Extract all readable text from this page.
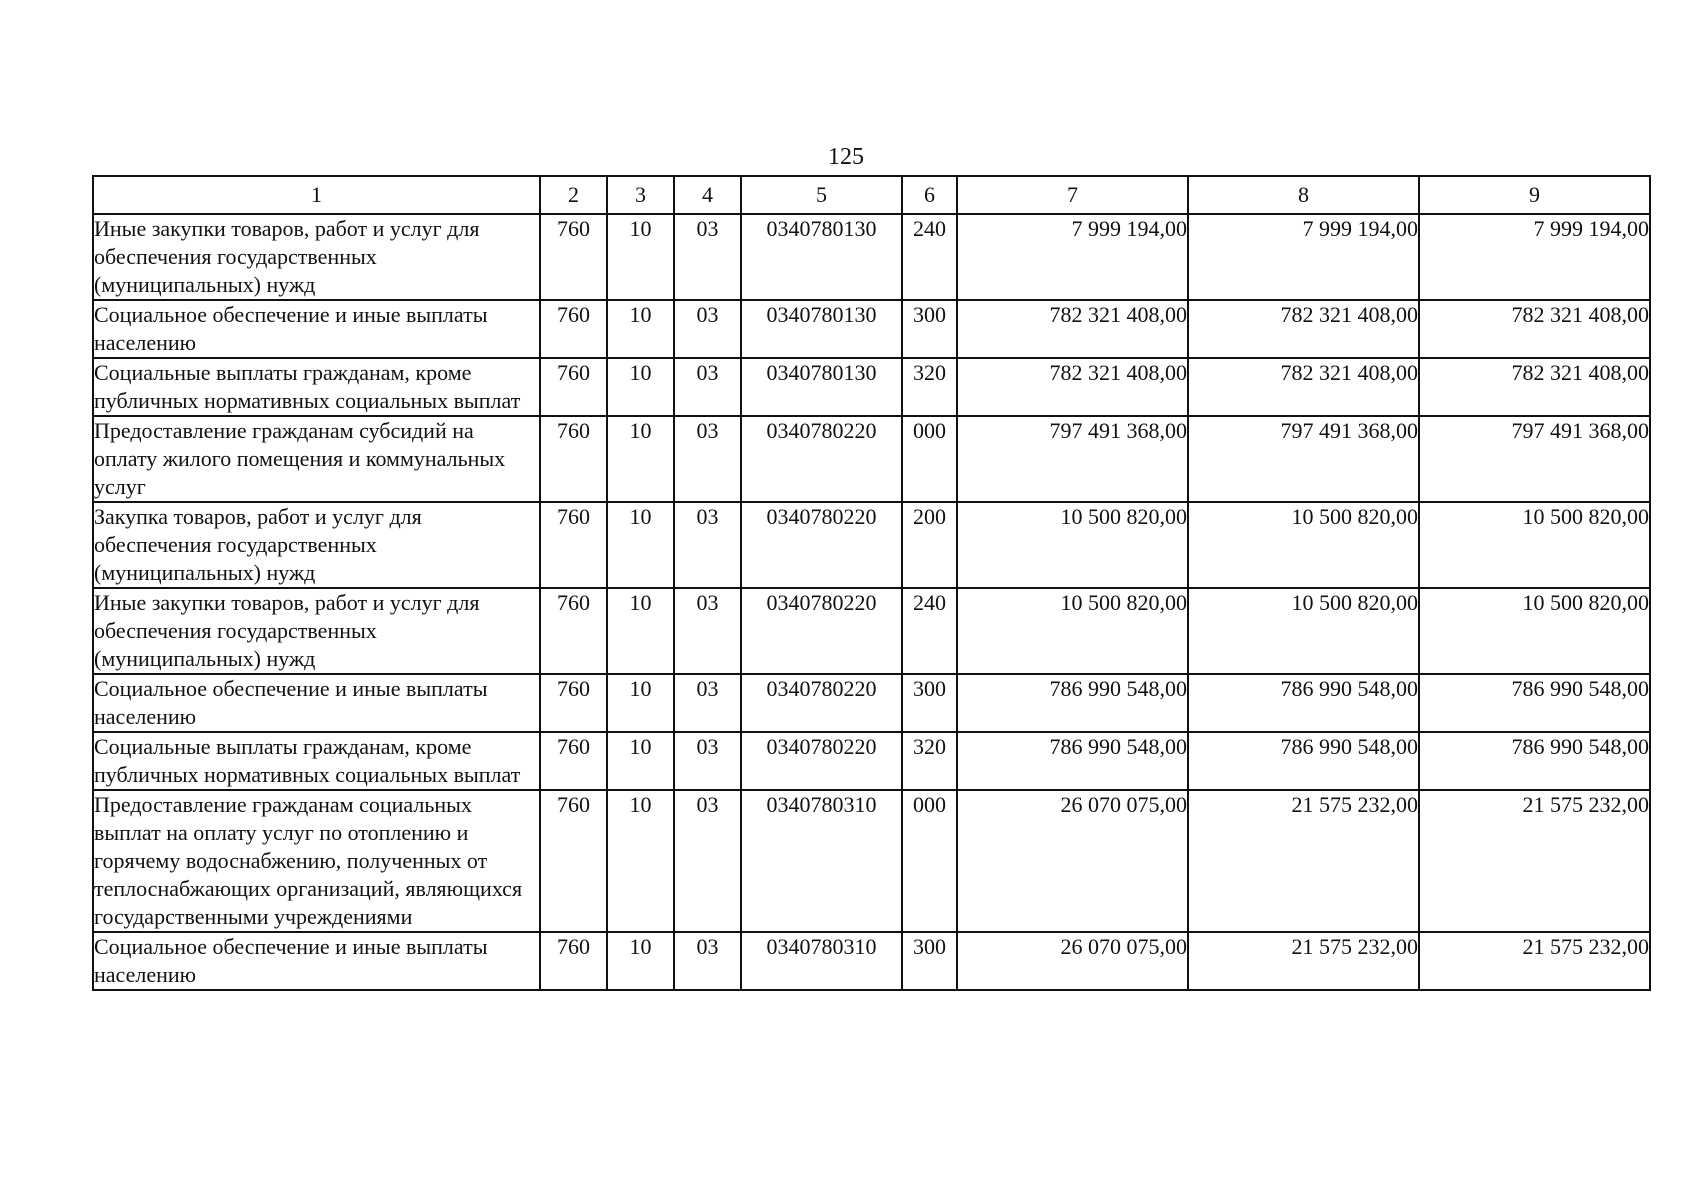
125
1	2	3	4	5	6	7	8	9
Иные закупки товаров, работ и услуг для обеспечения государственных (муниципальных) нужд	760	10	03	0340780130	240	7 999 194,00	7 999 194,00	7 999 194,00
Социальное обеспечение и иные выплаты населению	760	10	03	0340780130	300	782 321 408,00	782 321 408,00	782 321 408,00
Социальные выплаты гражданам, кроме публичных нормативных социальных выплат	760	10	03	0340780130	320	782 321 408,00	782 321 408,00	782 321 408,00
Предоставление гражданам субсидий на оплату жилого помещения и коммунальных услуг	760	10	03	0340780220	000	797 491 368,00	797 491 368,00	797 491 368,00
Закупка товаров, работ и услуг для обеспечения государственных (муниципальных) нужд	760	10	03	0340780220	200	10 500 820,00	10 500 820,00	10 500 820,00
Иные закупки товаров, работ и услуг для обеспечения государственных (муниципальных) нужд	760	10	03	0340780220	240	10 500 820,00	10 500 820,00	10 500 820,00
Социальное обеспечение и иные выплаты населению	760	10	03	0340780220	300	786 990 548,00	786 990 548,00	786 990 548,00
Социальные выплаты гражданам, кроме публичных нормативных социальных выплат	760	10	03	0340780220	320	786 990 548,00	786 990 548,00	786 990 548,00
Предоставление гражданам социальных выплат на оплату услуг по отоплению и горячему водоснабжению, полученных от теплоснабжающих организаций, являющихся государственными учреждениями	760	10	03	0340780310	000	26 070 075,00	21 575 232,00	21 575 232,00
Социальное обеспечение и иные выплаты населению	760	10	03	0340780310	300	26 070 075,00	21 575 232,00	21 575 232,00
